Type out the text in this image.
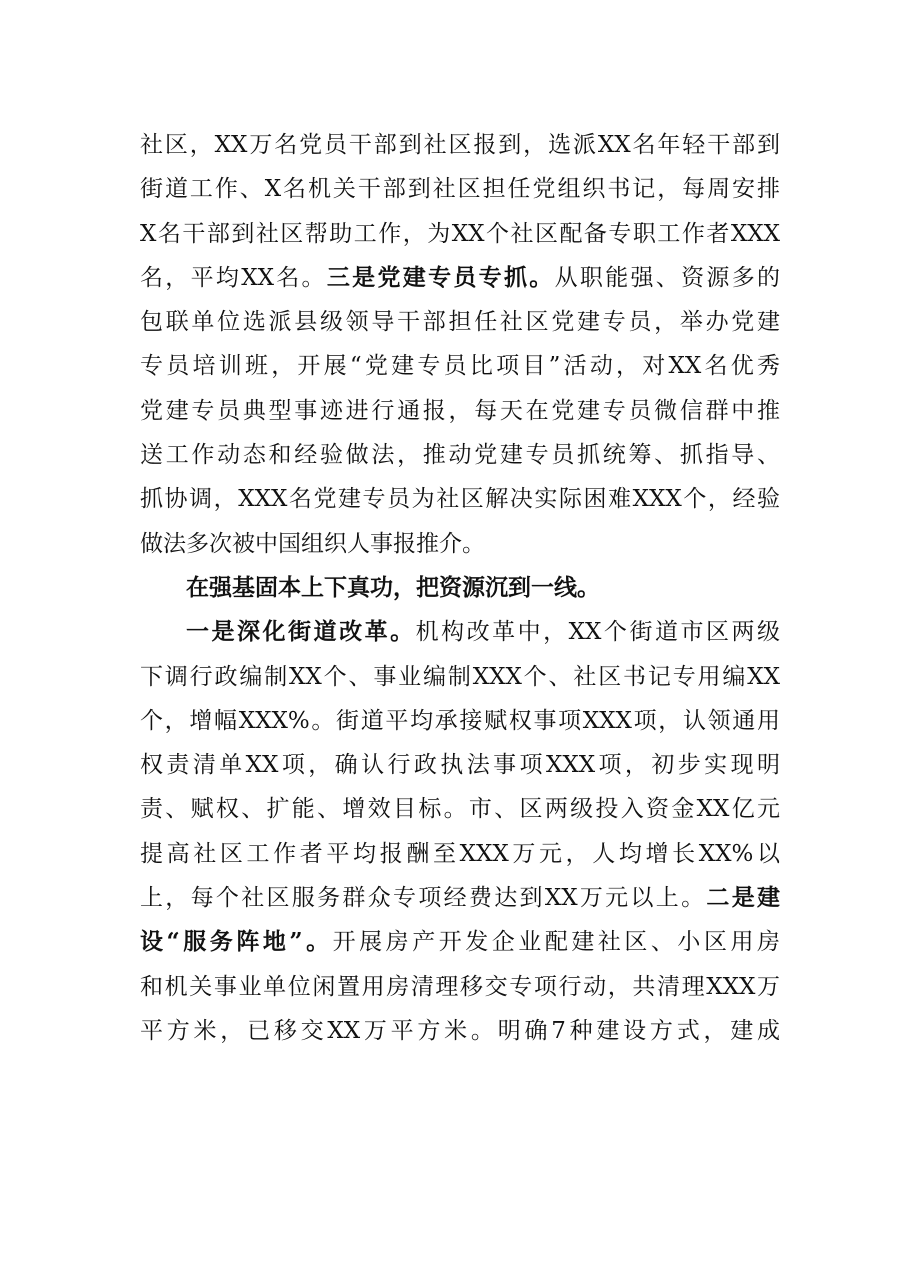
社区，XX万名党员干部到社区报到，选派XX名年轻干部到
街道工作、X名机关干部到社区担任党组织书记，每周安排
X名干部到社区帮助工作，为XX个社区配备专职工作者XXX
名，平均XX名。三是党建专员专抓。从职能强、资源多的
包联单位选派县级领导干部担任社区党建专员，举办党建
专员培训班，开展“党建专员比项目”活动，对XX名优秀
党建专员典型事迹进行通报，每天在党建专员微信群中推
送工作动态和经验做法，推动党建专员抓统筹、抓指导、
抓协调，XXX名党建专员为社区解决实际困难XXX个，经验
做法多次被中国组织人事报推介。
在强基固本上下真功，把资源沉到一线。
一是深化街道改革。机构改革中，XX个街道市区两级
下调行政编制XX个、事业编制XXX个、社区书记专用编XX
个，增幅XXX%。街道平均承接赋权事项XXX项，认领通用
权责清单XX项，确认行政执法事项XXX项，初步实现明
责、赋权、扩能、增效目标。市、区两级投入资金XX亿元
提高社区工作者平均报酬至XXX万元，人均增长XX%以
上，每个社区服务群众专项经费达到XX万元以上。二是建
设“服务阵地”。开展房产开发企业配建社区、小区用房
和机关事业单位闲置用房清理移交专项行动，共清理XXX万
平方米，已移交XX万平方米。明确7种建设方式，建成
